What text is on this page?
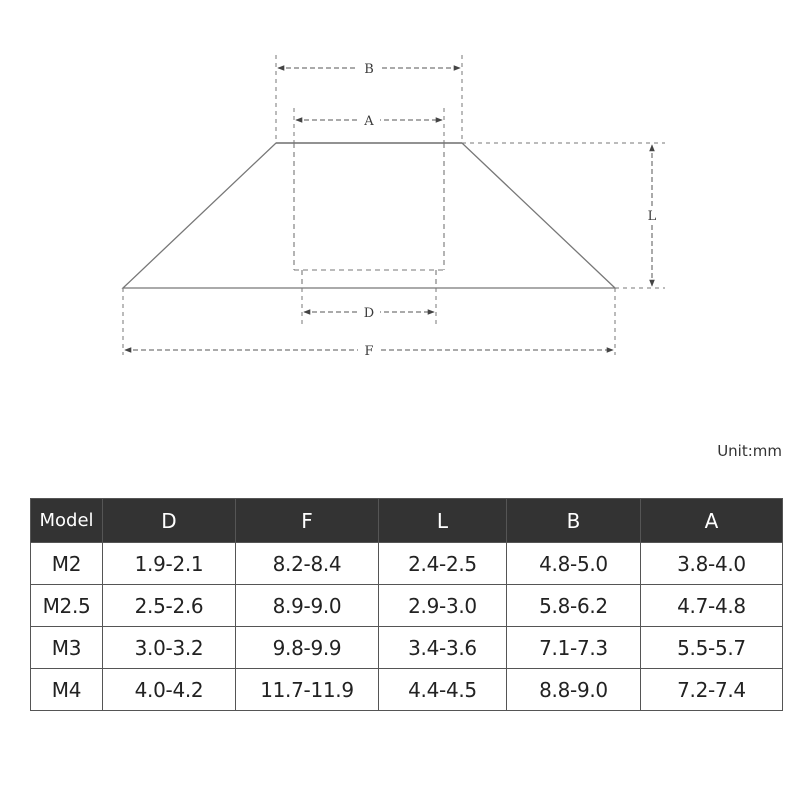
B
A
D
F
L
Unit:mm
Model	D	F	L	B	A
M2	1.9-2.1	8.2-8.4	2.4-2.5	4.8-5.0	3.8-4.0
M2.5	2.5-2.6	8.9-9.0	2.9-3.0	5.8-6.2	4.7-4.8
M3	3.0-3.2	9.8-9.9	3.4-3.6	7.1-7.3	5.5-5.7
M4	4.0-4.2	11.7-11.9	4.4-4.5	8.8-9.0	7.2-7.4
